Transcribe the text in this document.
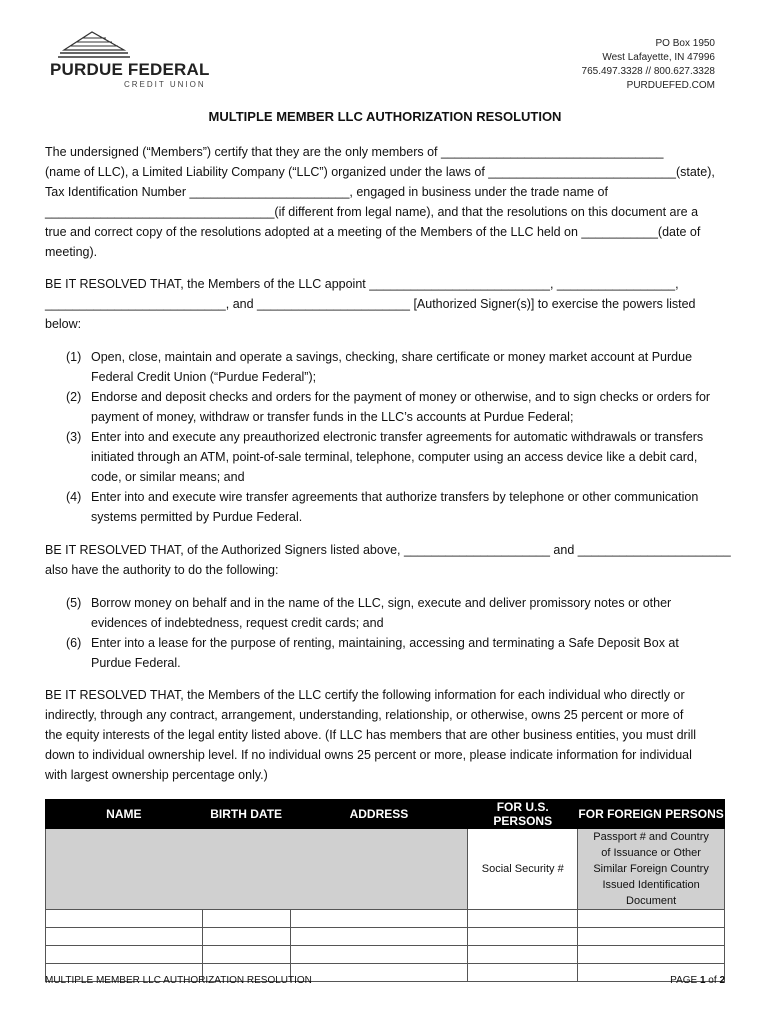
PURDUE FEDERAL
CREDIT UNION
PO Box 1950
West Lafayette, IN 47996
765.497.3328 // 800.627.3328
PURDUEFED.COM
MULTIPLE MEMBER LLC AUTHORIZATION RESOLUTION
The undersigned (“Members”) certify that they are the only members of ________________________________
(name of LLC), a Limited Liability Company (“LLC”) organized under the laws of ___________________________(state),
Tax Identification Number _______________________, engaged in business under the trade name of
_________________________________(if different from legal name), and that the resolutions on this document are a
true and correct copy of the resolutions adopted at a meeting of the Members of the LLC held on ___________(date of
meeting).
BE IT RESOLVED THAT, the Members of the LLC appoint __________________________, _________________,
__________________________, and ______________________ [Authorized Signer(s)] to exercise the powers listed
below:
(1) Open, close, maintain and operate a savings, checking, share certificate or money market account at Purdue
Federal Credit Union (“Purdue Federal”);
(2) Endorse and deposit checks and orders for the payment of money or otherwise, and to sign checks or orders for
payment of money, withdraw or transfer funds in the LLC’s accounts at Purdue Federal;
(3) Enter into and execute any preauthorized electronic transfer agreements for automatic withdrawals or transfers
initiated through an ATM, point-of-sale terminal, telephone, computer using an access device like a debit card,
code, or similar means; and
(4) Enter into and execute wire transfer agreements that authorize transfers by telephone or other communication
systems permitted by Purdue Federal.
BE IT RESOLVED THAT, of the Authorized Signers listed above, _____________________ and ______________________
also have the authority to do the following:
(5) Borrow money on behalf and in the name of the LLC, sign, execute and deliver promissory notes or other
evidences of indebtedness, request credit cards; and
(6) Enter into a lease for the purpose of renting, maintaining, accessing and terminating a Safe Deposit Box at
Purdue Federal.
BE IT RESOLVED THAT, the Members of the LLC certify the following information for each individual who directly or
indirectly, through any contract, arrangement, understanding, relationship, or otherwise, owns 25 percent or more of
the equity interests of the legal entity listed above. (If LLC has members that are other business entities, you must drill
down to individual ownership level. If no individual owns 25 percent or more, please indicate information for individual
with largest ownership percentage only.)
NAME	BIRTH DATE	ADDRESS	FOR U.S. PERSONS	FOR FOREIGN PERSONS
			Social Security #	Passport # and Country
of Issuance or Other
Similar Foreign Country
Issued Identification
Document

MULTIPLE MEMBER LLC AUTHORIZATION RESOLUTION	PAGE 1 of 2
